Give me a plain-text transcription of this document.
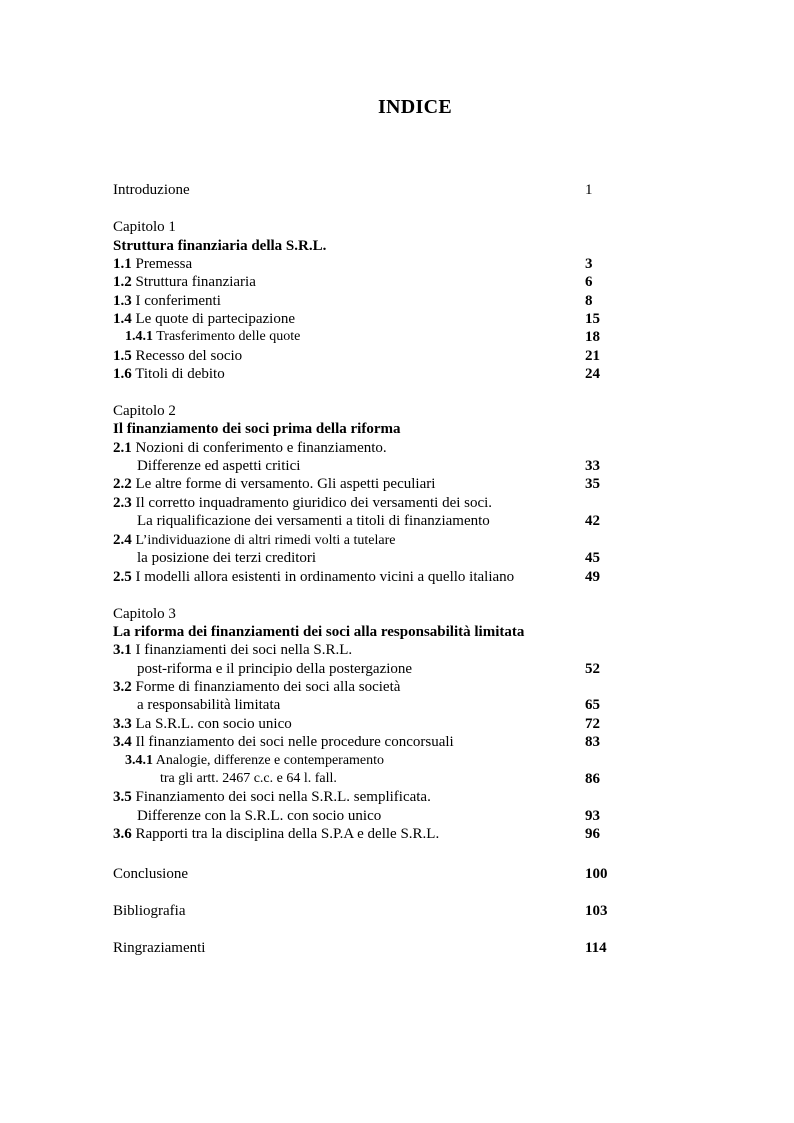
INDICE
Introduzione	1
Capitolo 1
Struttura finanziaria della S.R.L.
1.1 Premessa	3
1.2 Struttura finanziaria	6
1.3 I conferimenti	8
1.4 Le quote di partecipazione	15
1.4.1 Trasferimento delle quote	18
1.5 Recesso del socio	21
1.6 Titoli di debito	24
Capitolo 2
Il finanziamento dei soci prima della riforma
2.1 Nozioni di conferimento e finanziamento.
Differenze ed aspetti critici	33
2.2 Le altre forme di versamento. Gli aspetti peculiari	35
2.3 Il corretto inquadramento giuridico dei versamenti dei soci.
La riqualificazione dei versamenti a titoli di finanziamento	42
2.4 L’individuazione di altri rimedi volti a tutelare
la posizione dei terzi creditori	45
2.5 I modelli allora esistenti in ordinamento vicini a quello italiano	49
Capitolo 3
La riforma dei finanziamenti dei soci alla responsabilità limitata
3.1 I finanziamenti dei soci nella S.R.L.
post-riforma e il principio della postergazione	52
3.2 Forme di finanziamento dei soci alla società
a responsabilità limitata	65
3.3 La S.R.L. con socio unico	72
3.4 Il finanziamento dei soci nelle procedure concorsuali	83
3.4.1 Analogie, differenze e contemperamento
tra gli artt. 2467 c.c. e 64 l. fall.	86
3.5 Finanziamento dei soci nella S.R.L. semplificata.
Differenze con la S.R.L. con socio unico	93
3.6 Rapporti tra la disciplina della S.P.A e delle S.R.L.	96
Conclusione	100
Bibliografia	103
Ringraziamenti	114
